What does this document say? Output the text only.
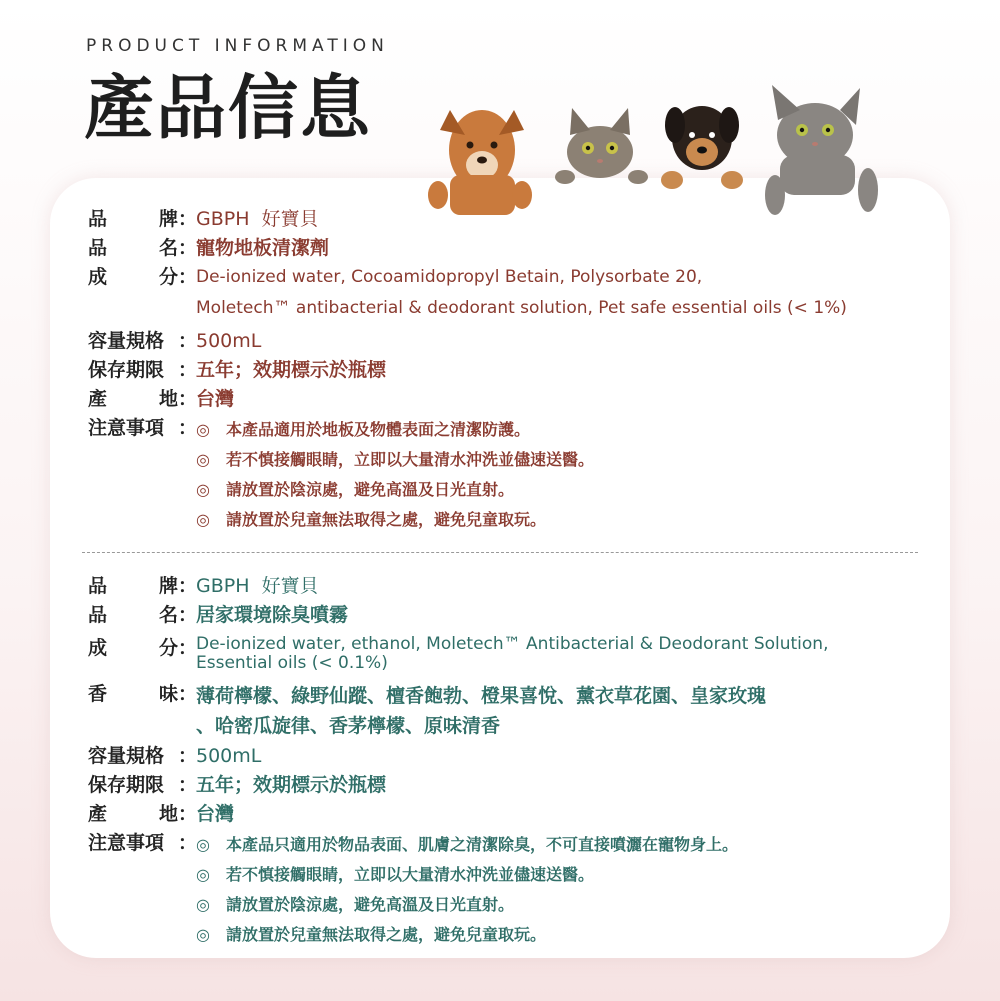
PRODUCT INFORMATION
產品信息
品	牌 ：
GBPH  好寶貝
品	名 ：
寵物地板清潔劑
成	分 ：
De-ionized water, Cocoamidopropyl Betain, Polysorbate 20,
Moletech™ antibacterial & deodorant solution, Pet safe essential oils (< 1%)
容量規格 ：
500mL
保存期限 ：
五年；效期標示於瓶標
產	地 ：
台灣
注意事項 ：
◎	本產品適用於地板及物體表面之清潔防護。
◎	若不慎接觸眼睛，立即以大量清水沖洗並儘速送醫。
◎	請放置於陰涼處，避免高溫及日光直射。
◎	請放置於兒童無法取得之處，避免兒童取玩。
品	牌 ：
GBPH  好寶貝
品	名 ：
居家環境除臭噴霧
成	分 ：
De-ionized water, ethanol, Moletech™ Antibacterial & Deodorant Solution,
Essential oils (< 0.1%)
香	味 ：
薄荷檸檬、綠野仙蹤、檀香飽勃、橙果喜悅、薰衣草花園、皇家玫瑰
、哈密瓜旋律、香茅檸檬、原味清香
容量規格 ：
500mL
保存期限 ：
五年；效期標示於瓶標
產	地 ：
台灣
注意事項 ：
◎	本產品只適用於物品表面、肌膚之清潔除臭，不可直接噴灑在寵物身上。
◎	若不慎接觸眼睛，立即以大量清水沖洗並儘速送醫。
◎	請放置於陰涼處，避免高溫及日光直射。
◎	請放置於兒童無法取得之處，避免兒童取玩。
